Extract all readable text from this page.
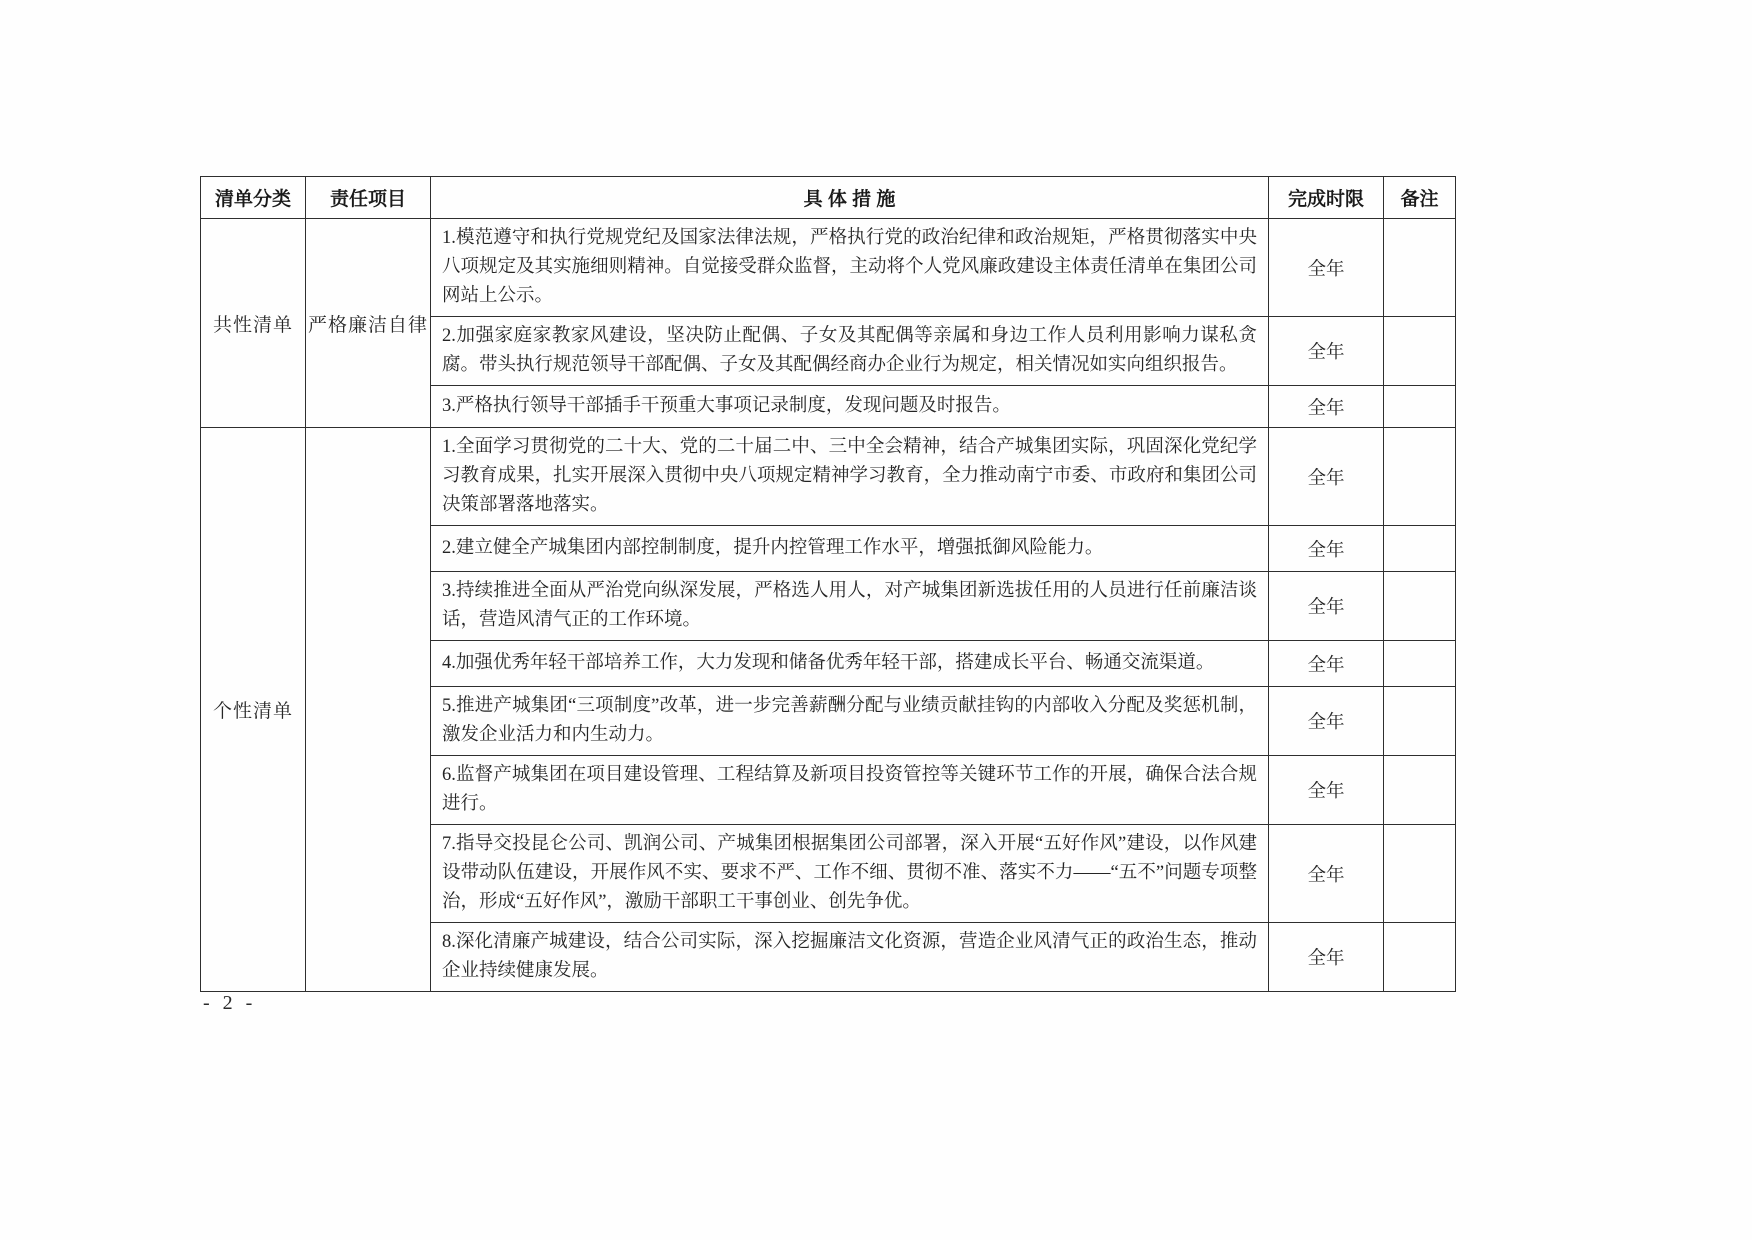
清单分类	责任项目	具 体 措 施	完成时限	备注
共性清单	严格廉洁自律	1.模范遵守和执行党规党纪及国家法律法规，严格执行党的政治纪律和政治规矩，严格贯彻落实中央八项规定及其实施细则精神。自觉接受群众监督，主动将个人党风廉政建设主体责任清单在集团公司网站上公示。	全年	
		2.加强家庭家教家风建设，坚决防止配偶、子女及其配偶等亲属和身边工作人员利用影响力谋私贪腐。带头执行规范领导干部配偶、子女及其配偶经商办企业行为规定，相关情况如实向组织报告。	全年	
		3.严格执行领导干部插手干预重大事项记录制度，发现问题及时报告。	全年	
个性清单		1.全面学习贯彻党的二十大、党的二十届二中、三中全会精神，结合产城集团实际，巩固深化党纪学习教育成果，扎实开展深入贯彻中央八项规定精神学习教育，全力推动南宁市委、市政府和集团公司决策部署落地落实。	全年	
		2.建立健全产城集团内部控制制度，提升内控管理工作水平，增强抵御风险能力。	全年	
		3.持续推进全面从严治党向纵深发展，严格选人用人，对产城集团新选拔任用的人员进行任前廉洁谈话，营造风清气正的工作环境。	全年	
		4.加强优秀年轻干部培养工作，大力发现和储备优秀年轻干部，搭建成长平台、畅通交流渠道。	全年	
		5.推进产城集团“三项制度”改革，进一步完善薪酬分配与业绩贡献挂钩的内部收入分配及奖惩机制，激发企业活力和内生动力。	全年	
		6.监督产城集团在项目建设管理、工程结算及新项目投资管控等关键环节工作的开展，确保合法合规进行。	全年	
		7.指导交投昆仑公司、凯润公司、产城集团根据集团公司部署，深入开展“五好作风”建设，以作风建设带动队伍建设，开展作风不实、要求不严、工作不细、贯彻不准、落实不力——“五不”问题专项整治，形成“五好作风”，激励干部职工干事创业、创先争优。	全年	
		8.深化清廉产城建设，结合公司实际，深入挖掘廉洁文化资源，营造企业风清气正的政治生态，推动企业持续健康发展。	全年	
- 2 -
